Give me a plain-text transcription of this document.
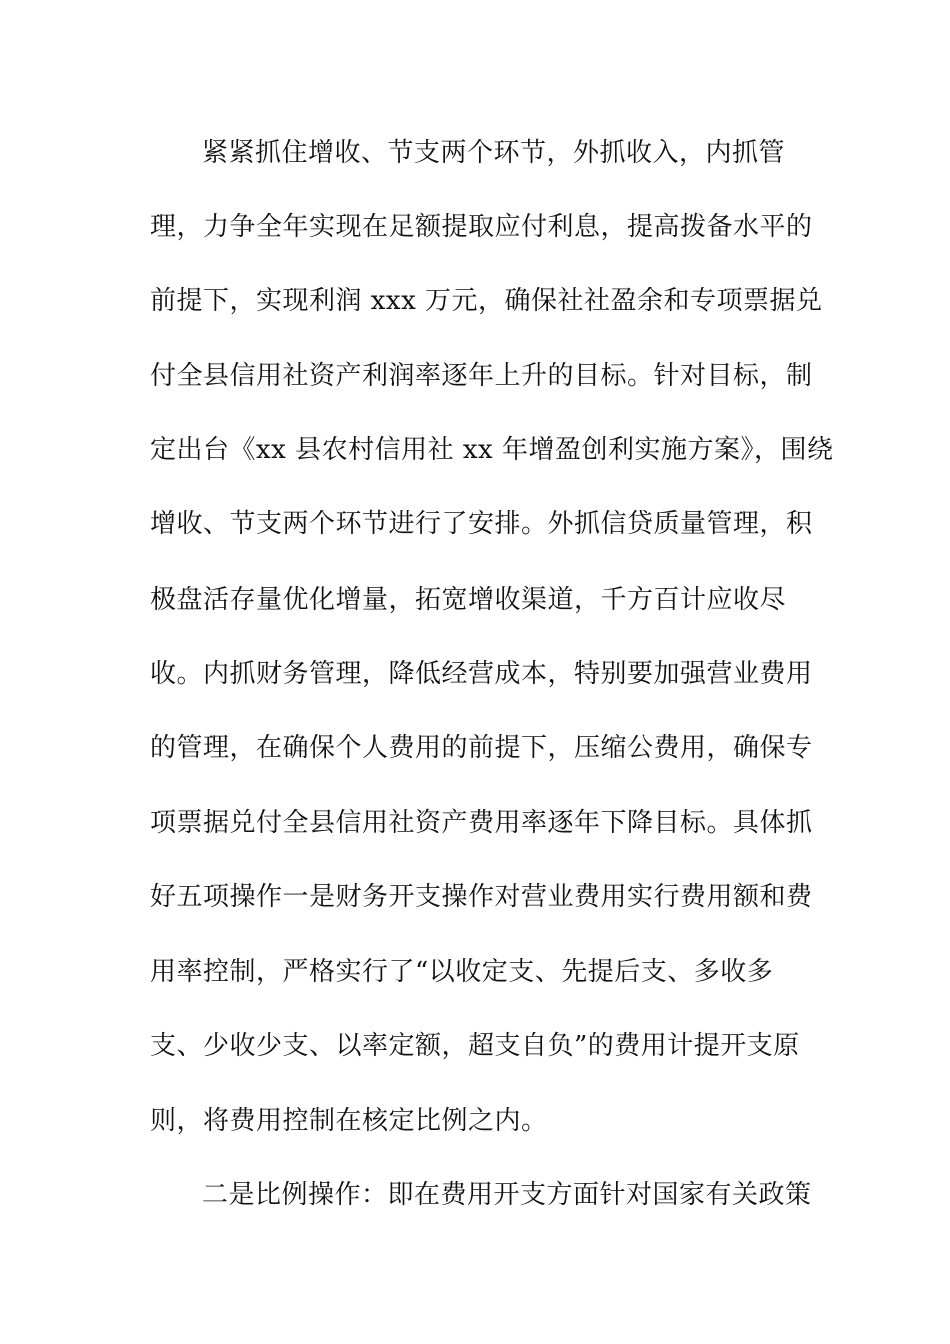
紧紧抓住增收、节支两个环节，外抓收入，内抓管
理，力争全年实现在足额提取应付利息，提高拨备水平的
前提下，实现利润 xxx 万元，确保社社盈余和专项票据兑
付全县信用社资产利润率逐年上升的目标。针对目标，制
定出台《xx 县农村信用社 xx 年增盈创利实施方案》，围绕
增收、节支两个环节进行了安排。外抓信贷质量管理，积
极盘活存量优化增量，拓宽增收渠道，千方百计应收尽
收。内抓财务管理，降低经营成本，特别要加强营业费用
的管理，在确保个人费用的前提下，压缩公费用，确保专
项票据兑付全县信用社资产费用率逐年下降目标。具体抓
好五项操作一是财务开支操作对营业费用实行费用额和费
用率控制，严格实行了“以收定支、先提后支、多收多
支、少收少支、以率定额，超支自负”的费用计提开支原
则，将费用控制在核定比例之内。
二是比例操作：即在费用开支方面针对国家有关政策
